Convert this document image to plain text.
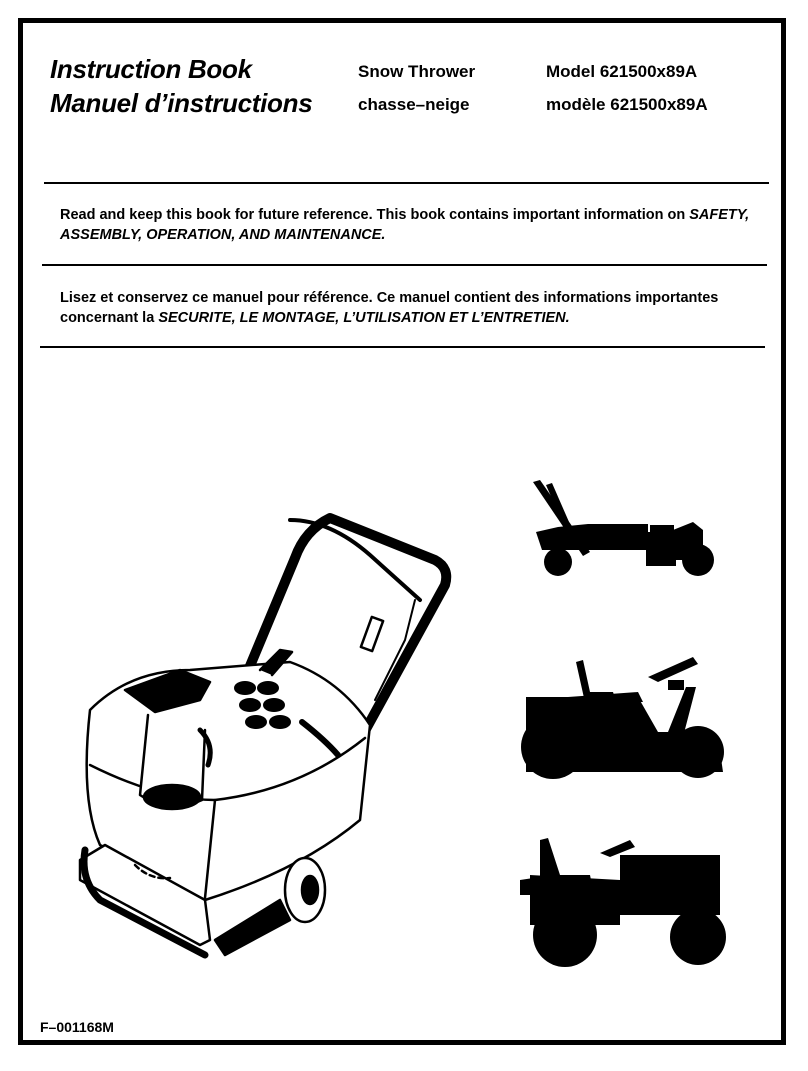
Instruction Book
Manuel d’instructions
Snow Thrower
chasse–neige
Model 621500x89A
modèle 621500x89A
Read and keep this book for future reference. This book contains important information on SAFETY,
ASSEMBLY, OPERATION, AND MAINTENANCE.
Lisez et conservez ce manuel pour référence. Ce manuel contient des informations importantes
concernant la SECURITE, LE MONTAGE, L’UTILISATION ET L’ENTRETIEN.
F–001168M
